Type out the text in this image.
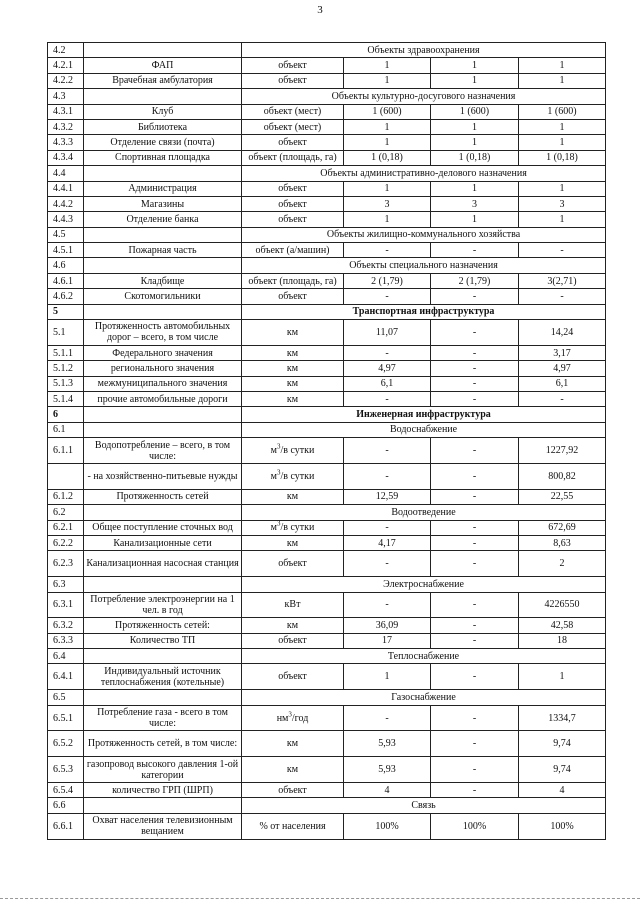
3
4.2		Объекты здравоохранения			
4.2.1	ФАП	объект	1	1	1
4.2.2	Врачебная амбулатория	объект	1	1	1
4.3		Объекты культурно-досугового назначения			
4.3.1	Клуб	объект (мест)	1 (600)	1 (600)	1 (600)
4.3.2	Библиотека	объект (мест)	1	1	1
4.3.3	Отделение связи (почта)	объект	1	1	1
4.3.4	Спортивная площадка	объект (площадь, га)	1 (0,18)	1 (0,18)	1 (0,18)
4.4		Объекты административно-делового назначения			
4.4.1	Администрация	объект	1	1	1
4.4.2	Магазины	объект	3	3	3
4.4.3	Отделение банка	объект	1	1	1
4.5		Объекты жилищно-коммунального хозяйства			
4.5.1	Пожарная часть	объект (а/машин)	-	-	-
4.6		Объекты специального назначения			
4.6.1	Кладбище	объект (площадь, га)	2 (1,79)	2 (1,79)	3(2,71)
4.6.2	Скотомогильники	объект	-	-	-
5		Транспортная инфраструктура			
5.1	Протяженность автомобильных дорог – всего, в том числе	км	11,07	-	14,24
5.1.1	Федерального значения	км	-	-	3,17
5.1.2	регионального значения	км	4,97	-	4,97
5.1.3	межмуниципального значения	км	6,1	-	6,1
5.1.4	прочие автомобильные дороги	км	-	-	-
6		Инженерная инфраструктура			
6.1		Водоснабжение			
6.1.1	Водопотребление – всего, в том числе:	$м^3/в$ сутки	-	-	1227,92
	- на хозяйственно-питьевые нужды	$м^3/в$ сутки	-	-	800,82
6.1.2	Протяженность сетей	км	12,59	-	22,55
6.2		Водоотведение			
6.2.1	Общее поступление сточных вод	$м^3/в$ сутки	-	-	672,69
6.2.2	Канализационные сети	км	4,17	-	8,63
6.2.3	Канализационная насосная станция	объект	-	-	2
6.3		Электроснабжение			
6.3.1	Потребление электроэнергии на 1 чел. в год	кВт	-	-	4226550
6.3.2	Протяженность сетей:	км	36,09	-	42,58
6.3.3	Количество ТП	объект	17	-	18
6.4		Теплоснабжение			
6.4.1	Индивидуальный источник теплоснабжения (котельные)	объект	1	-	1
6.5		Газоснабжение			
6.5.1	Потребление газа - всего в том числе:	$нм^3$/год	-	-	1334,7
6.5.2	Протяженность сетей, в том числе:	км	5,93	-	9,74
6.5.3	газопровод высокого давления 1-ой категории	км	5,93	-	9,74
6.5.4	количество ГРП (ШРП)	объект	4	-	4
6.6		Связь			
6.6.1	Охват населения телевизионным вещанием	% от населения	100%	100%	100%
